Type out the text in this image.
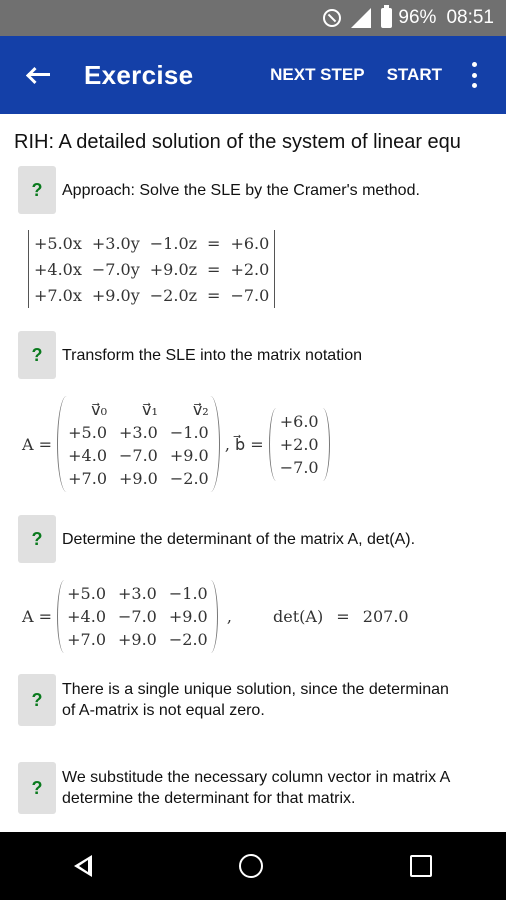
96% 08:51
Exercise	NEXT STEP START
RIH: A detailed solution of the system of linear equ
?	Approach: Solve the SLE by the Cramer's method.
+5.0x	+3.0y	−1.0z	=	+6.0
+4.0x	−7.0y	+9.0z	=	+2.0
+7.0x	+9.0y	−2.0z	=	−7.0
?	Transform the SLE into the matrix notation
A =
v⃗₀	v⃗₁	v⃗₂
+5.0	+3.0	−1.0
+4.0	−7.0	+9.0
+7.0	+9.0	−2.0
, b⃗ =
+6.0
+2.0
−7.0
?	Determine the determinant of the matrix A, det(A).
A =
+5.0	+3.0	−1.0
+4.0	−7.0	+9.0
+7.0	+9.0	−2.0
,	det(A) = 207.0
?	There is a single unique solution, since the determinan
of A-matrix is not equal zero.
?	We substitude the necessary column vector in matrix A
determine the determinant for that matrix.
